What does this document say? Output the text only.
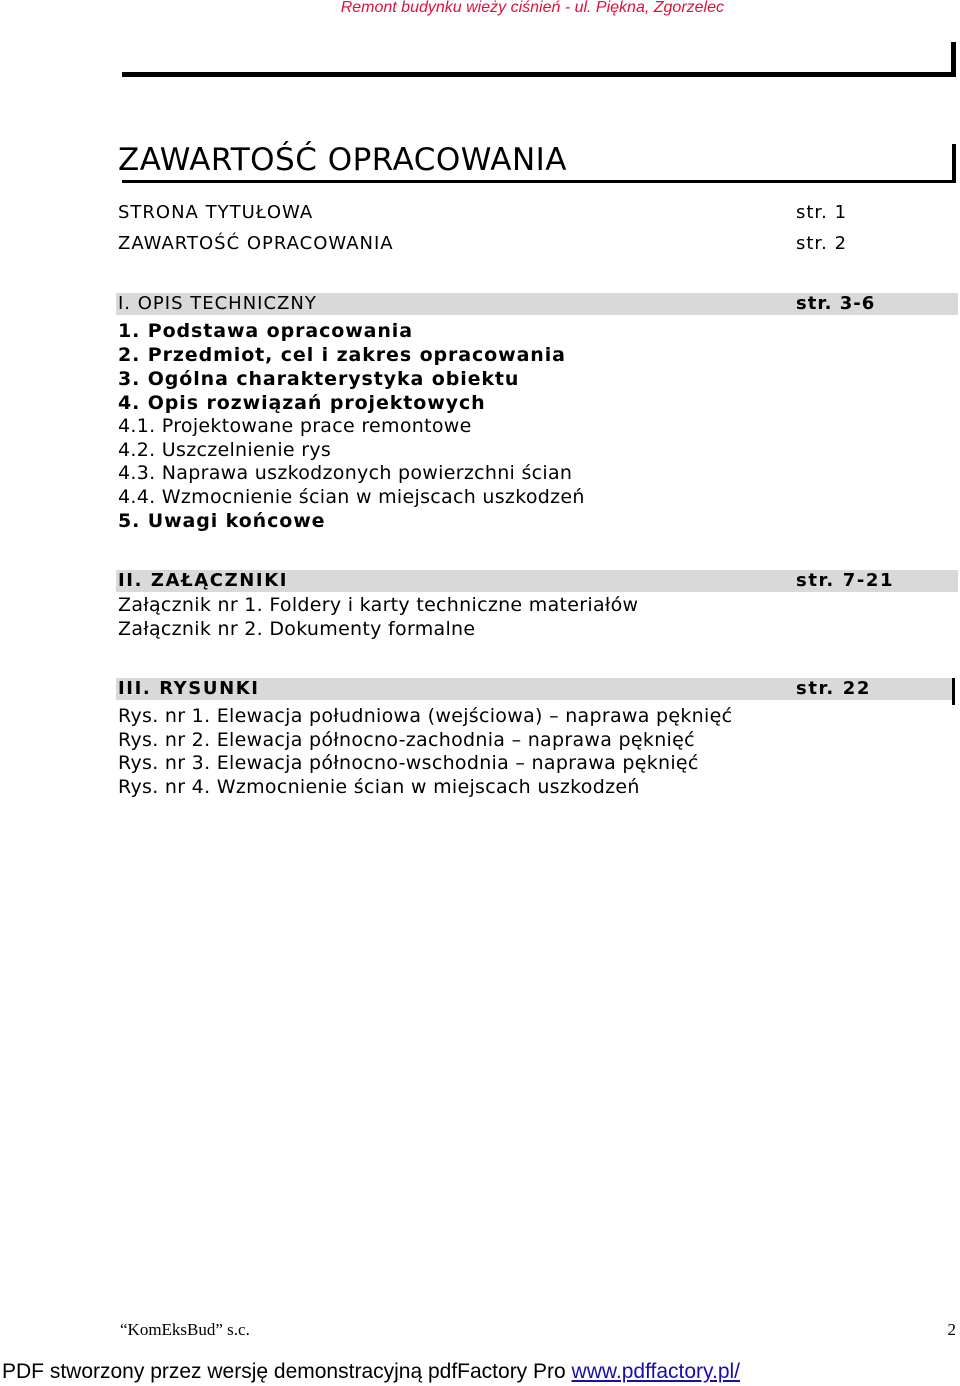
Remont budynku wieży ciśnień - ul. Piękna, Zgorzelec
ZAWARTOŚĆ OPRACOWANIA
STRONA TYTUŁOWA	str. 1
ZAWARTOŚĆ OPRACOWANIA	str. 2
I. OPIS TECHNICZNY	str. 3-6
1. Podstawa opracowania
2. Przedmiot, cel i zakres opracowania
3. Ogólna charakterystyka obiektu
4. Opis rozwiązań projektowych
4.1. Projektowane prace remontowe
4.2. Uszczelnienie rys
4.3. Naprawa uszkodzonych powierzchni ścian
4.4. Wzmocnienie ścian w miejscach uszkodzeń
5. Uwagi końcowe
II. ZAŁĄCZNIKI	str. 7-21
Załącznik nr 1. Foldery i karty techniczne materiałów
Załącznik nr 2. Dokumenty formalne
III. RYSUNKI	str. 22
Rys. nr 1. Elewacja południowa (wejściowa) – naprawa pęknięć
Rys. nr 2. Elewacja północno-zachodnia – naprawa pęknięć
Rys. nr 3. Elewacja północno-wschodnia – naprawa pęknięć
Rys. nr 4. Wzmocnienie ścian w miejscach uszkodzeń
“KomEksBud” s.c.	2
PDF stworzony przez wersję demonstracyjną pdfFactory Pro www.pdffactory.pl/
